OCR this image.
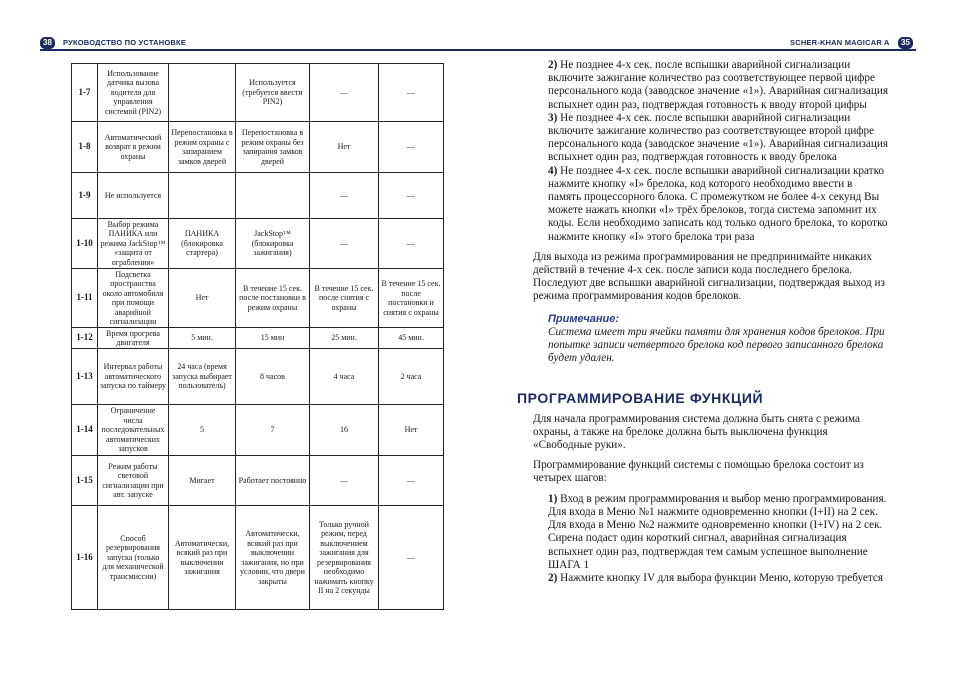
38	РУКОВОДСТВО ПО УСТАНОВКЕ	SCHER-KHAN MAGICAR A	35
1-7	Использование датчика вызова водителя для управления системой (PIN2)		Используется (требуется ввести PIN2)	—	—
1-8	Автоматический возврат в режим охраны	Перепостановка в режим охраны с запиранием замков дверей	Перепостановка в режим охраны без запирания замков дверей	Нет	—
1-9	Не используется			—	—
1-10	Выбор режима ПАНИКА или режима JackStop™ «защита от ограбления»	ПАНИКА (блокировка стартера)	JackStop™ (блокировка зажигания)	—	—
1-11	Подсветка пространства около автомобиля при помощи аварийной сигнализации	Нет	В течение 15 сек. после постановки в режим охраны	В течение 15 сек. после снятия с охраны	В течение 15 сек. после постановки и снятия с охраны
1-12	Время прогрева двигателя	5 мин.	15 мин	25 мин.	45 мин.
1-13	Интервал работы автоматического запуска по таймеру	24 часа (время запуска выбирает пользователь)	8 часов	4 часа	2 часа
1-14	Ограничение числа последовательных автоматических запусков	5	7	16	Нет
1-15	Режим работы световой сигнализации при авт. запуске	Мигает	Работает постоянно	—	—
1-16	Способ резервирования запуска (только для механической трансмиссии)	Автоматически, всякий раз при выключении зажигания	Автоматически, всякий раз при выключении зажигания, но при условии, что двери закрыты	Только ручной режим, перед выключением зажигания для резервирования необходимо нажимать кнопку II на 2 секунды	—

2) Не позднее 4-х сек. после вспышки аварийной сигнализации включите зажигание количество раз соответствующее первой цифре персонального кода (заводское значение «1»). Аварийная сигнализация вспыхнет один раз, подтверждая готовность к вводу второй цифры

3) Не позднее 4-х сек. после вспышки аварийной сигнализации включите зажигание количество раз соответствующее второй цифре персонального кода (заводское значение «1»). Аварийная сигнализация вспыхнет один раз, подтверждая готовность к вводу брелока

4) Не позднее 4-х сек. после вспышки аварийной сигнализации кратко нажмите кнопку «I» брелока, код которого необходимо ввести в память процессорного блока. С промежутком не более 4-х секунд Вы можете нажать кнопки «I» трёх брелоков, тогда система запомнит их коды. Если необходимо записать код только одного брелока, то коротко нажмите кнопку «I» этого брелока три раза

Для выхода из режима программирования не предпринимайте никаких действий в течение 4-х сек. после записи кода последнего брелока. Последуют две вспышки аварийной сигнализации, подтверждая выход из режима программирования кодов брелоков.

Примечание:

Система имеет три ячейки памяти для хранения кодов брелоков. При попытке записи четвертого брелока код первого записанного брелока будет удален.

ПРОГРАММИРОВАНИЕ ФУНКЦИЙ

Для начала программирования система должна быть снята с режима охраны, а также на брелоке должна быть выключена функция «Свободные руки».

Программирование функций системы с помощью брелока состоит из четырех шагов:

1) Вход в режим программирования и выбор меню программирования. Для входа в Меню №1 нажмите одновременно кнопки (I+II) на 2 сек. Для входа в Меню №2 нажмите одновременно кнопки (I+IV) на 2 сек. Сирена подаст один короткий сигнал, аварийная сигнализация вспыхнет один раз, подтверждая тем самым успешное выполнение ШАГА 1

2) Нажмите кнопку IV для выбора функции Меню, которую требуется
